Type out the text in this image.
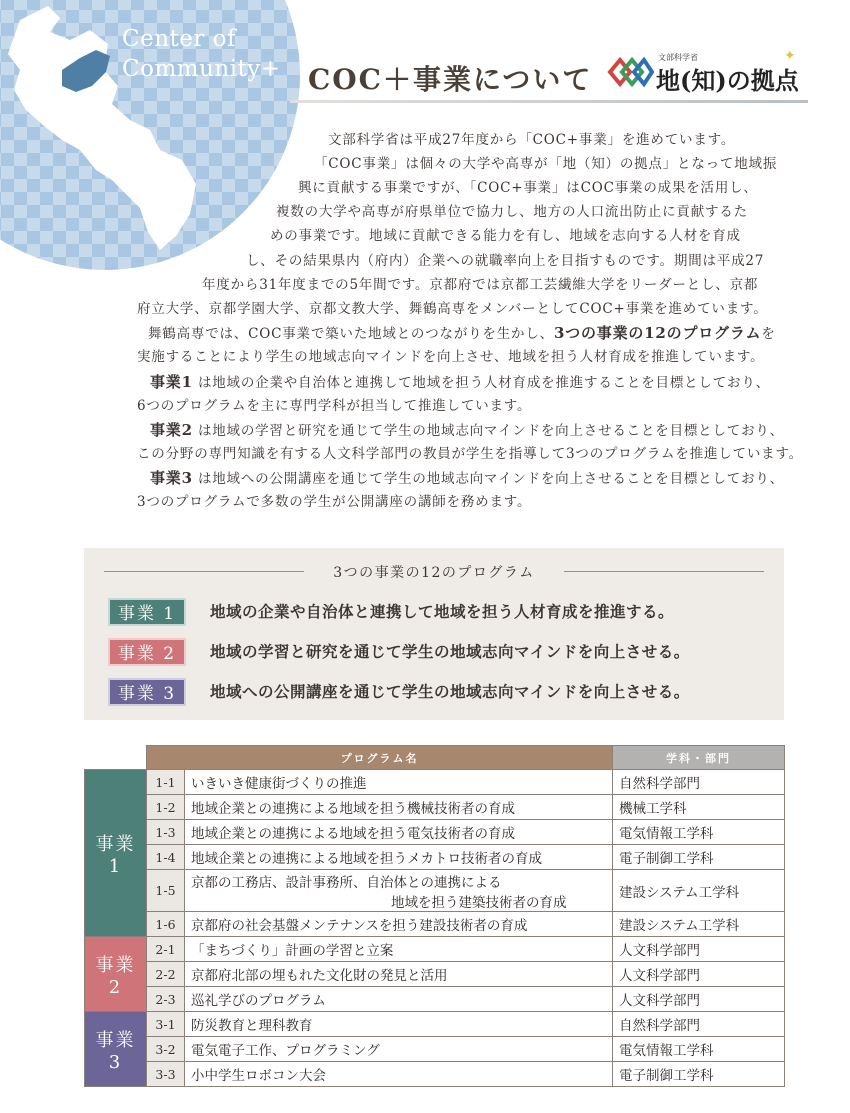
Center of
Community+ COC＋事業について
文部科学省
地(知)の拠点
✦
文部科学省は平成27年度から「COC+事業」を進めています。
「COC事業」は個々の大学や高専が「地（知）の拠点」となって地域振
興に貢献する事業ですが、「COC+事業」はCOC事業の成果を活用し、
複数の大学や高専が府県単位で協力し、地方の人口流出防止に貢献するた
めの事業です。地域に貢献できる能力を有し、地域を志向する人材を育成
し、その結果県内（府内）企業への就職率向上を目指すものです。期間は平成27
年度から31年度までの5年間です。京都府では京都工芸繊維大学をリーダーとし、京都
府立大学、京都学園大学、京都文教大学、舞鶴高専をメンバーとしてCOC+事業を進めています。
舞鶴高専では、COC事業で築いた地域とのつながりを生かし、3つの事業の12のプログラムを
実施することにより学生の地域志向マインドを向上させ、地域を担う人材育成を推進しています。
事業1 は地域の企業や自治体と連携して地域を担う人材育成を推進することを目標としており、
6つのプログラムを主に専門学科が担当して推進しています。
事業2 は地域の学習と研究を通じて学生の地域志向マインドを向上させることを目標としており、
この分野の専門知識を有する人文科学部門の教員が学生を指導して3つのプログラムを推進しています。
事業3 は地域への公開講座を通じて学生の地域志向マインドを向上させることを目標としており、
3つのプログラムで多数の学生が公開講座の講師を務めます。
3つの事業の12のプログラム
事業 1	地域の企業や自治体と連携して地域を担う人材育成を推進する。
事業 2	地域の学習と研究を通じて学生の地域志向マインドを向上させる。
事業 3	地域への公開講座を通じて学生の地域志向マインドを向上させる。
	プログラム名		学科・部門
事業 1	1-1	いきいき健康街づくりの推進	自然科学部門
	1-2	地域企業との連携による地域を担う機械技術者の育成	機械工学科
	1-3	地域企業との連携による地域を担う電気技術者の育成	電気情報工学科
	1-4	地域企業との連携による地域を担うメカトロ技術者の育成	電子制御工学科
	1-5	京都の工務店、設計事務所、自治体との連携による
地域を担う建築技術者の育成	建設システム工学科
	1-6	京都府の社会基盤メンテナンスを担う建設技術者の育成	建設システム工学科
事業 2	2-1	「まちづくり」計画の学習と立案	人文科学部門
	2-2	京都府北部の埋もれた文化財の発見と活用	人文科学部門
	2-3	巡礼学びのプログラム	人文科学部門
事業 3	3-1	防災教育と理科教育	自然科学部門
	3-2	電気電子工作、プログラミング	電気情報工学科
	3-3	小中学生ロボコン大会	電子制御工学科
